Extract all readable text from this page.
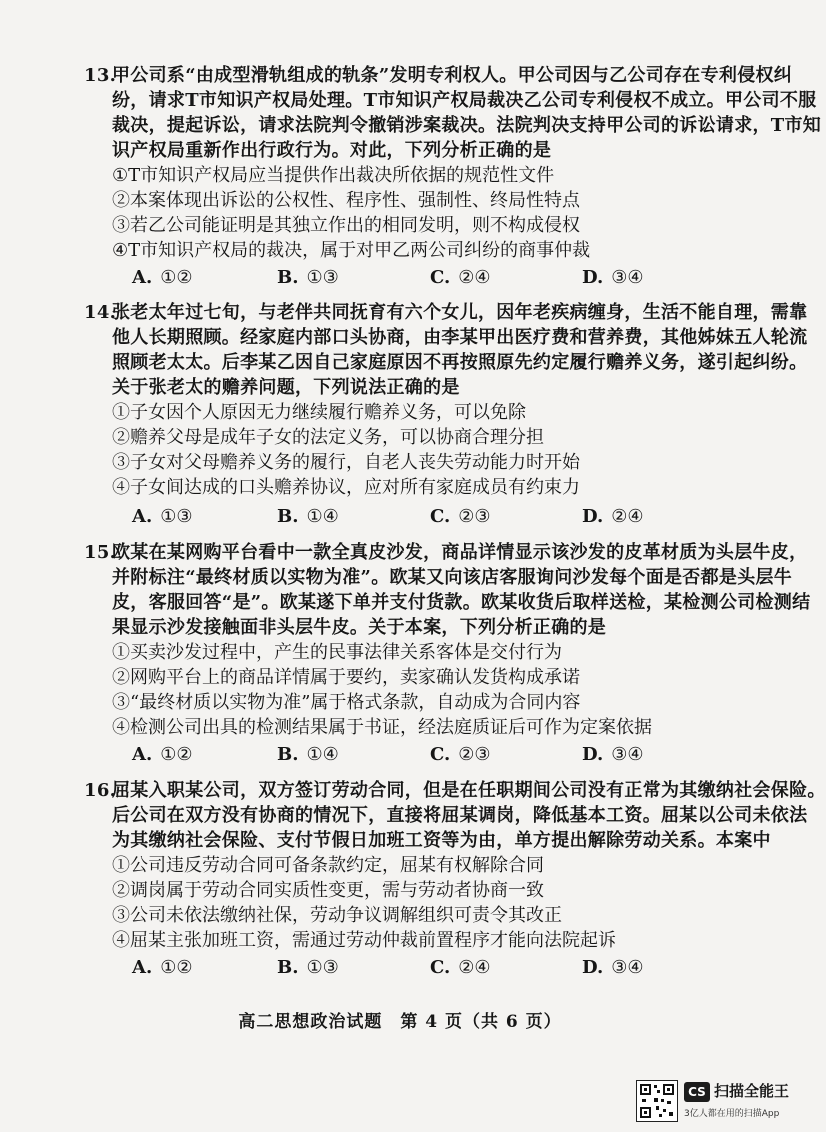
13.甲公司系“由成型滑轨组成的轨条”发明专利权人。甲公司因与乙公司存在专利侵权纠
纷，请求T市知识产权局处理。T市知识产权局裁决乙公司专利侵权不成立。甲公司不服
裁决，提起诉讼，请求法院判令撤销涉案裁决。法院判决支持甲公司的诉讼请求，T市知
识产权局重新作出行政行为。对此，下列分析正确的是
①T市知识产权局应当提供作出裁决所依据的规范性文件
②本案体现出诉讼的公权性、程序性、强制性、终局性特点
③若乙公司能证明是其独立作出的相同发明，则不构成侵权
④T市知识产权局的裁决，属于对甲乙两公司纠纷的商事仲裁
A. ①②	B. ①③	C. ②④	D. ③④
14.张老太年过七旬，与老伴共同抚育有六个女儿，因年老疾病缠身，生活不能自理，需靠
他人长期照顾。经家庭内部口头协商，由李某甲出医疗费和营养费，其他姊妹五人轮流
照顾老太太。后李某乙因自己家庭原因不再按照原先约定履行赡养义务，遂引起纠纷。
关于张老太的赡养问题，下列说法正确的是
①子女因个人原因无力继续履行赡养义务，可以免除
②赡养父母是成年子女的法定义务，可以协商合理分担
③子女对父母赡养义务的履行，自老人丧失劳动能力时开始
④子女间达成的口头赡养协议，应对所有家庭成员有约束力
A. ①③	B. ①④	C. ②③	D. ②④
15.欧某在某网购平台看中一款全真皮沙发，商品详情显示该沙发的皮革材质为头层牛皮，
并附标注“最终材质以实物为准”。欧某又向该店客服询问沙发每个面是否都是头层牛
皮，客服回答“是”。欧某遂下单并支付货款。欧某收货后取样送检，某检测公司检测结
果显示沙发接触面非头层牛皮。关于本案，下列分析正确的是
①买卖沙发过程中，产生的民事法律关系客体是交付行为
②网购平台上的商品详情属于要约，卖家确认发货构成承诺
③“最终材质以实物为准”属于格式条款，自动成为合同内容
④检测公司出具的检测结果属于书证，经法庭质证后可作为定案依据
A. ①②	B. ①④	C. ②③	D. ③④
16.屈某入职某公司，双方签订劳动合同，但是在任职期间公司没有正常为其缴纳社会保险。
后公司在双方没有协商的情况下，直接将屈某调岗，降低基本工资。屈某以公司未依法
为其缴纳社会保险、支付节假日加班工资等为由，单方提出解除劳动关系。本案中
①公司违反劳动合同可备条款约定，屈某有权解除合同
②调岗属于劳动合同实质性变更，需与劳动者协商一致
③公司未依法缴纳社保，劳动争议调解组织可责令其改正
④屈某主张加班工资，需通过劳动仲裁前置程序才能向法院起诉
A. ①②	B. ①③	C. ②④	D. ③④
高二思想政治试题　第 4 页（共 6 页）
CS 扫描全能王
3亿人都在用的扫描App
